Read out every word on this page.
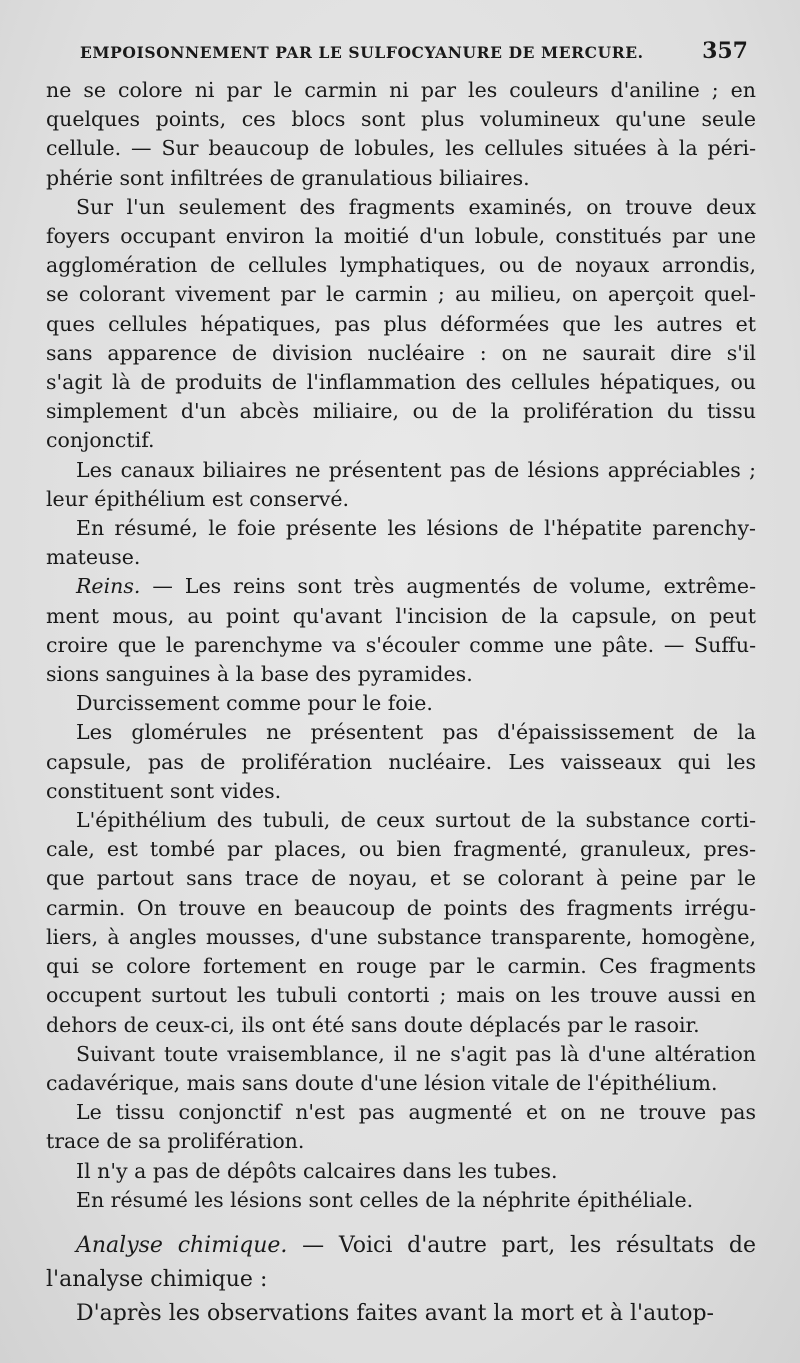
EMPOISONNEMENT PAR LE SULFOCYANURE DE MERCURE.	357

ne se colore ni par le carmin ni par les couleurs d'aniline ; en
quelques points, ces blocs sont plus volumineux qu'une seule
cellule. — Sur beaucoup de lobules, les cellules situées à la péri-
phérie sont infiltrées de granulatious biliaires.

Sur l'un seulement des fragments examinés, on trouve deux
foyers occupant environ la moitié d'un lobule, constitués par une
agglomération de cellules lymphatiques, ou de noyaux arrondis,
se colorant vivement par le carmin ; au milieu, on aperçoit quel-
ques cellules hépatiques, pas plus déformées que les autres et
sans apparence de division nucléaire : on ne saurait dire s'il
s'agit là de produits de l'inflammation des cellules hépatiques, ou
simplement d'un abcès miliaire, ou de la prolifération du tissu
conjonctif.

Les canaux biliaires ne présentent pas de lésions appréciables ;
leur épithélium est conservé.

En résumé, le foie présente les lésions de l'hépatite parenchy-
mateuse.

Reins. — Les reins sont très augmentés de volume, extrême-
ment mous, au point qu'avant l'incision de la capsule, on peut
croire que le parenchyme va s'écouler comme une pâte. — Suffu-
sions sanguines à la base des pyramides.

Durcissement comme pour le foie.

Les glomérules ne présentent pas d'épaississement de la
capsule, pas de prolifération nucléaire. Les vaisseaux qui les
constituent sont vides.

L'épithélium des tubuli, de ceux surtout de la substance corti-
cale, est tombé par places, ou bien fragmenté, granuleux, pres-
que partout sans trace de noyau, et se colorant à peine par le
carmin. On trouve en beaucoup de points des fragments irrégu-
liers, à angles mousses, d'une substance transparente, homogène,
qui se colore fortement en rouge par le carmin. Ces fragments
occupent surtout les tubuli contorti ; mais on les trouve aussi en
dehors de ceux-ci, ils ont été sans doute déplacés par le rasoir.

Suivant toute vraisemblance, il ne s'agit pas là d'une altération
cadavérique, mais sans doute d'une lésion vitale de l'épithélium.

Le tissu conjonctif n'est pas augmenté et on ne trouve pas
trace de sa prolifération.

Il n'y a pas de dépôts calcaires dans les tubes.

En résumé les lésions sont celles de la néphrite épithéliale.

Analyse chimique. — Voici d'autre part, les résultats de
l'analyse chimique :

D'après les observations faites avant la mort et à l'autop-
